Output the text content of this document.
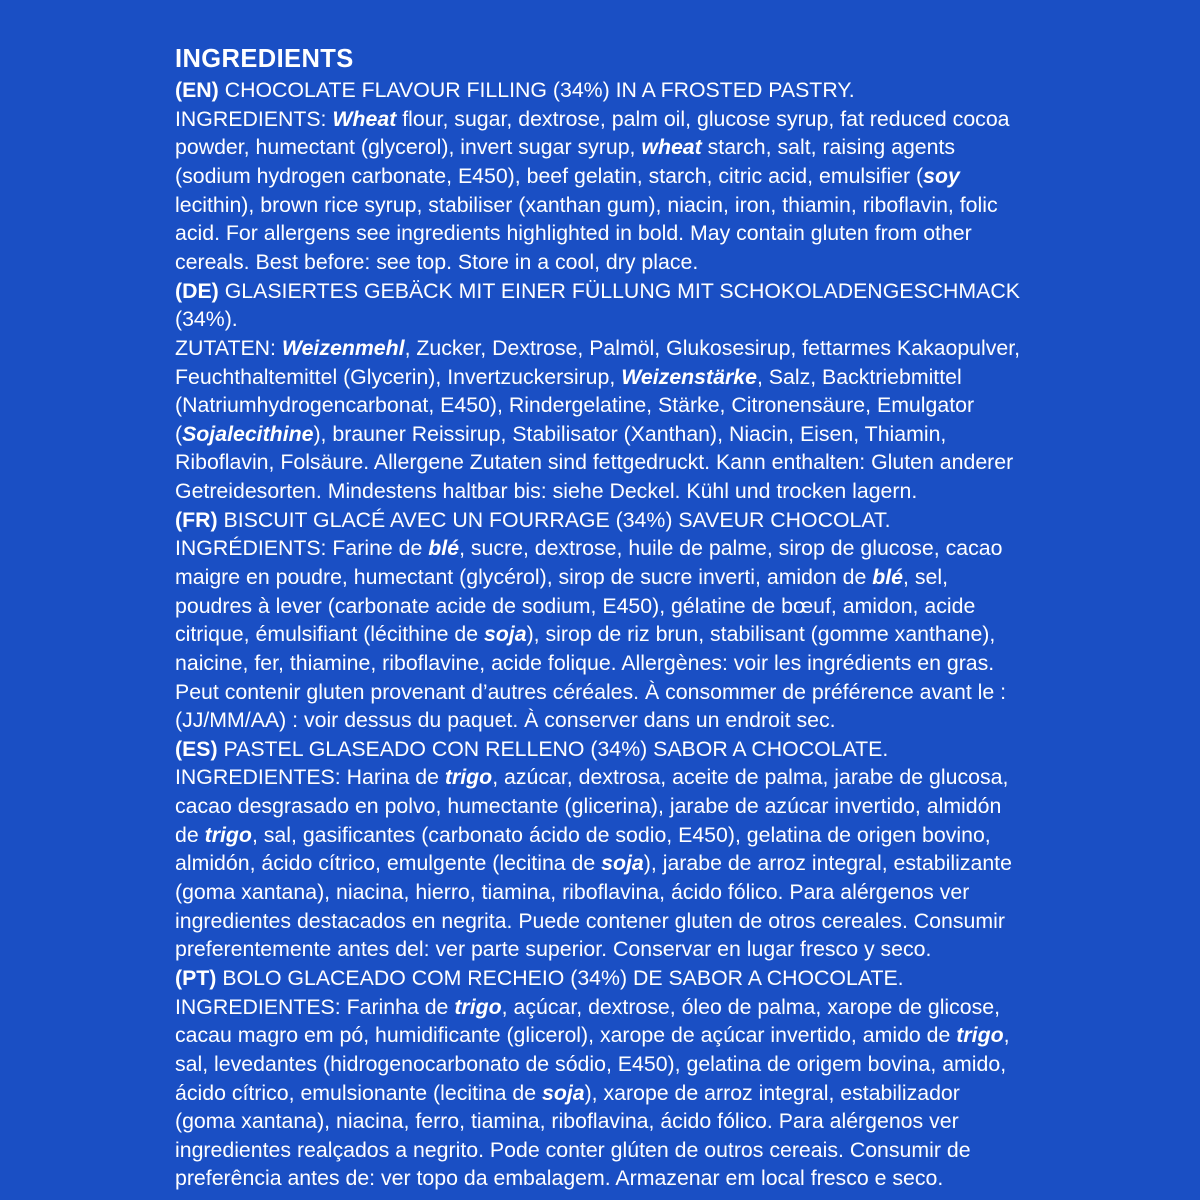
INGREDIENTS

(EN) CHOCOLATE FLAVOUR FILLING (34%) IN A FROSTED PASTRY.

INGREDIENTS: Wheat flour, sugar, dextrose, palm oil, glucose syrup, fat reduced cocoa powder, humectant (glycerol), invert sugar syrup, wheat starch, salt, raising agents (sodium hydrogen carbonate, E450), beef gelatin, starch, citric acid, emulsifier (soy lecithin), brown rice syrup, stabiliser (xanthan gum), niacin, iron, thiamin, riboflavin, folic acid. For allergens see ingredients highlighted in bold. May contain gluten from other cereals. Best before: see top. Store in a cool, dry place.

(DE) GLASIERTES GEBÄCK MIT EINER FÜLLUNG MIT SCHOKOLADENGESCHMACK (34%).

ZUTATEN: Weizenmehl, Zucker, Dextrose, Palmöl, Glukosesirup, fettarmes Kakaopulver, Feuchthaltemittel (Glycerin), Invertzuckersirup, Weizenstärke, Salz, Backtriebmittel (Natriumhydrogencarbonat, E450), Rindergelatine, Stärke, Citronensäure, Emulgator (Sojalecithine), brauner Reissirup, Stabilisator (Xanthan), Niacin, Eisen, Thiamin, Riboflavin, Folsäure. Allergene Zutaten sind fettgedruckt. Kann enthalten: Gluten anderer Getreidesorten. Mindestens haltbar bis: siehe Deckel. Kühl und trocken lagern.

(FR) BISCUIT GLACÉ AVEC UN FOURRAGE (34%) SAVEUR CHOCOLAT.

INGRÉDIENTS: Farine de blé, sucre, dextrose, huile de palme, sirop de glucose, cacao maigre en poudre, humectant (glycérol), sirop de sucre inverti, amidon de blé, sel, poudres à lever (carbonate acide de sodium, E450), gélatine de bœuf, amidon, acide citrique, émulsifiant (lécithine de soja), sirop de riz brun, stabilisant (gomme xanthane), naicine, fer, thiamine, riboflavine, acide folique. Allergènes: voir les ingrédients en gras. Peut contenir gluten provenant d’autres céréales. À consommer de préférence avant le : (JJ/MM/AA) : voir dessus du paquet. À conserver dans un endroit sec.

(ES) PASTEL GLASEADO CON RELLENO (34%) SABOR A CHOCOLATE.

INGREDIENTES: Harina de trigo, azúcar, dextrosa, aceite de palma, jarabe de glucosa, cacao desgrasado en polvo, humectante (glicerina), jarabe de azúcar invertido, almidón de trigo, sal, gasificantes (carbonato ácido de sodio, E450), gelatina de origen bovino, almidón, ácido cítrico, emulgente (lecitina de soja), jarabe de arroz integral, estabilizante (goma xantana), niacina, hierro, tiamina, riboflavina, ácido fólico. Para alérgenos ver ingredientes destacados en negrita. Puede contener gluten de otros cereales. Consumir preferentemente antes del: ver parte superior. Conservar en lugar fresco y seco.

(PT) BOLO GLACEADO COM RECHEIO (34%) DE SABOR A CHOCOLATE.

INGREDIENTES: Farinha de trigo, açúcar, dextrose, óleo de palma, xarope de glicose, cacau magro em pó, humidificante (glicerol), xarope de açúcar invertido, amido de trigo, sal, levedantes (hidrogenocarbonato de sódio, E450), gelatina de origem bovina, amido, ácido cítrico, emulsionante (lecitina de soja), xarope de arroz integral, estabilizador (goma xantana), niacina, ferro, tiamina, riboflavina, ácido fólico. Para alérgenos ver ingredientes realçados a negrito. Pode conter glúten de outros cereais. Consumir de preferência antes de: ver topo da embalagem. Armazenar em local fresco e seco.
